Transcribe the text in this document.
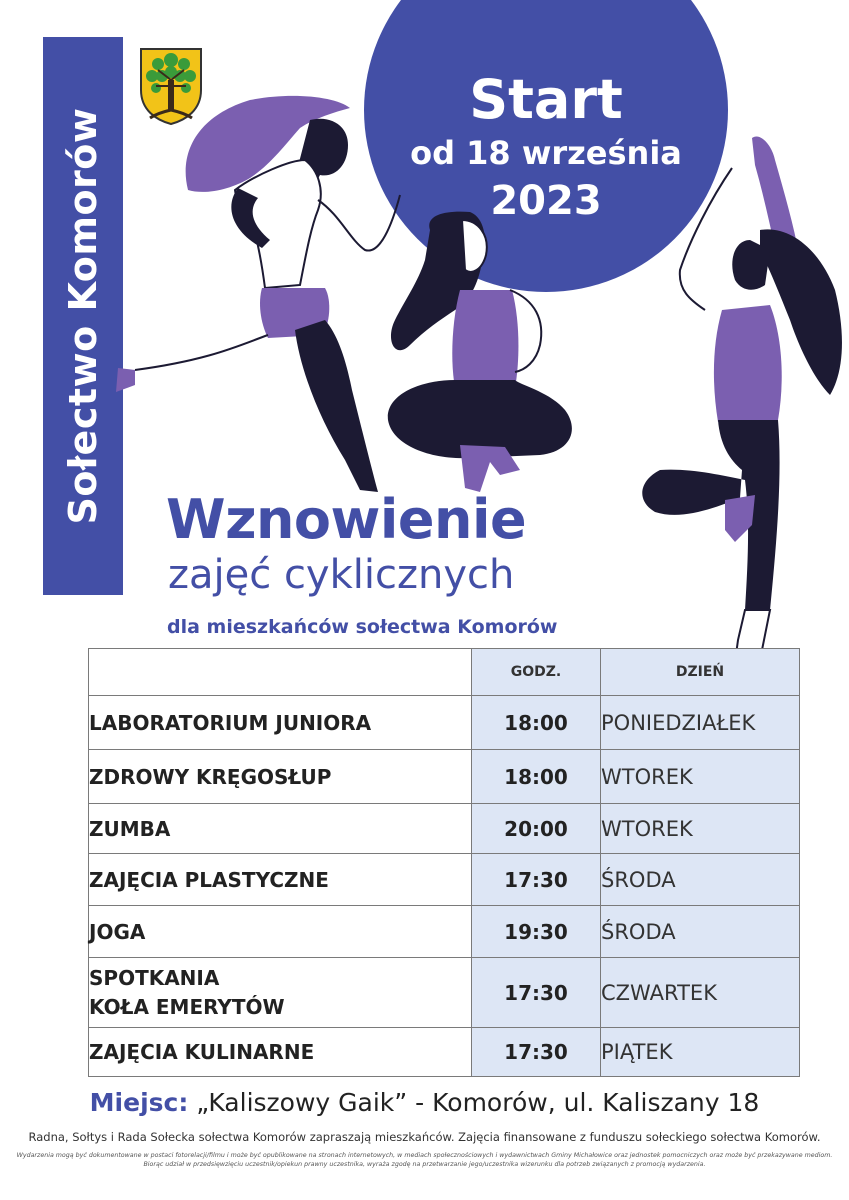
Sołectwo Komorów
Start
od 18 września
2023
Wznowienie
zajęć cyklicznych
dla mieszkańców sołectwa Komorów
	GODZ.	DZIEŃ
LABORATORIUM JUNIORA	18:00	PONIEDZIAŁEK
ZDROWY KRĘGOSŁUP	18:00	WTOREK
ZUMBA	20:00	WTOREK
ZAJĘCIA PLASTYCZNE	17:30	ŚRODA
JOGA	19:30	ŚRODA

SPOTKANIA
KOŁA EMERYTÓW	17:30	CZWARTEK
ZAJĘCIA KULINARNE	17:30	PIĄTEK
Miejsc: „Kaliszowy Gaik” - Komorów, ul. Kaliszany 18
Radna, Sołtys i Rada Sołecka sołectwa Komorów zapraszają mieszkańców. Zajęcia finansowane z funduszu sołeckiego sołectwa Komorów.
Wydarzenia mogą być dokumentowane w postaci fotorelacji/filmu i może być opublikowane na stronach internetowych, w mediach społecznościowych i wydawnictwach Gminy Michałowice oraz jednostek pomocniczych oraz może być przekazywane mediom.
Biorąc udział w przedsięwzięciu uczestnik/opiekun prawny uczestnika, wyraża zgodę na przetwarzanie jego/uczestnika wizerunku dla potrzeb związanych z promocją wydarzenia.
